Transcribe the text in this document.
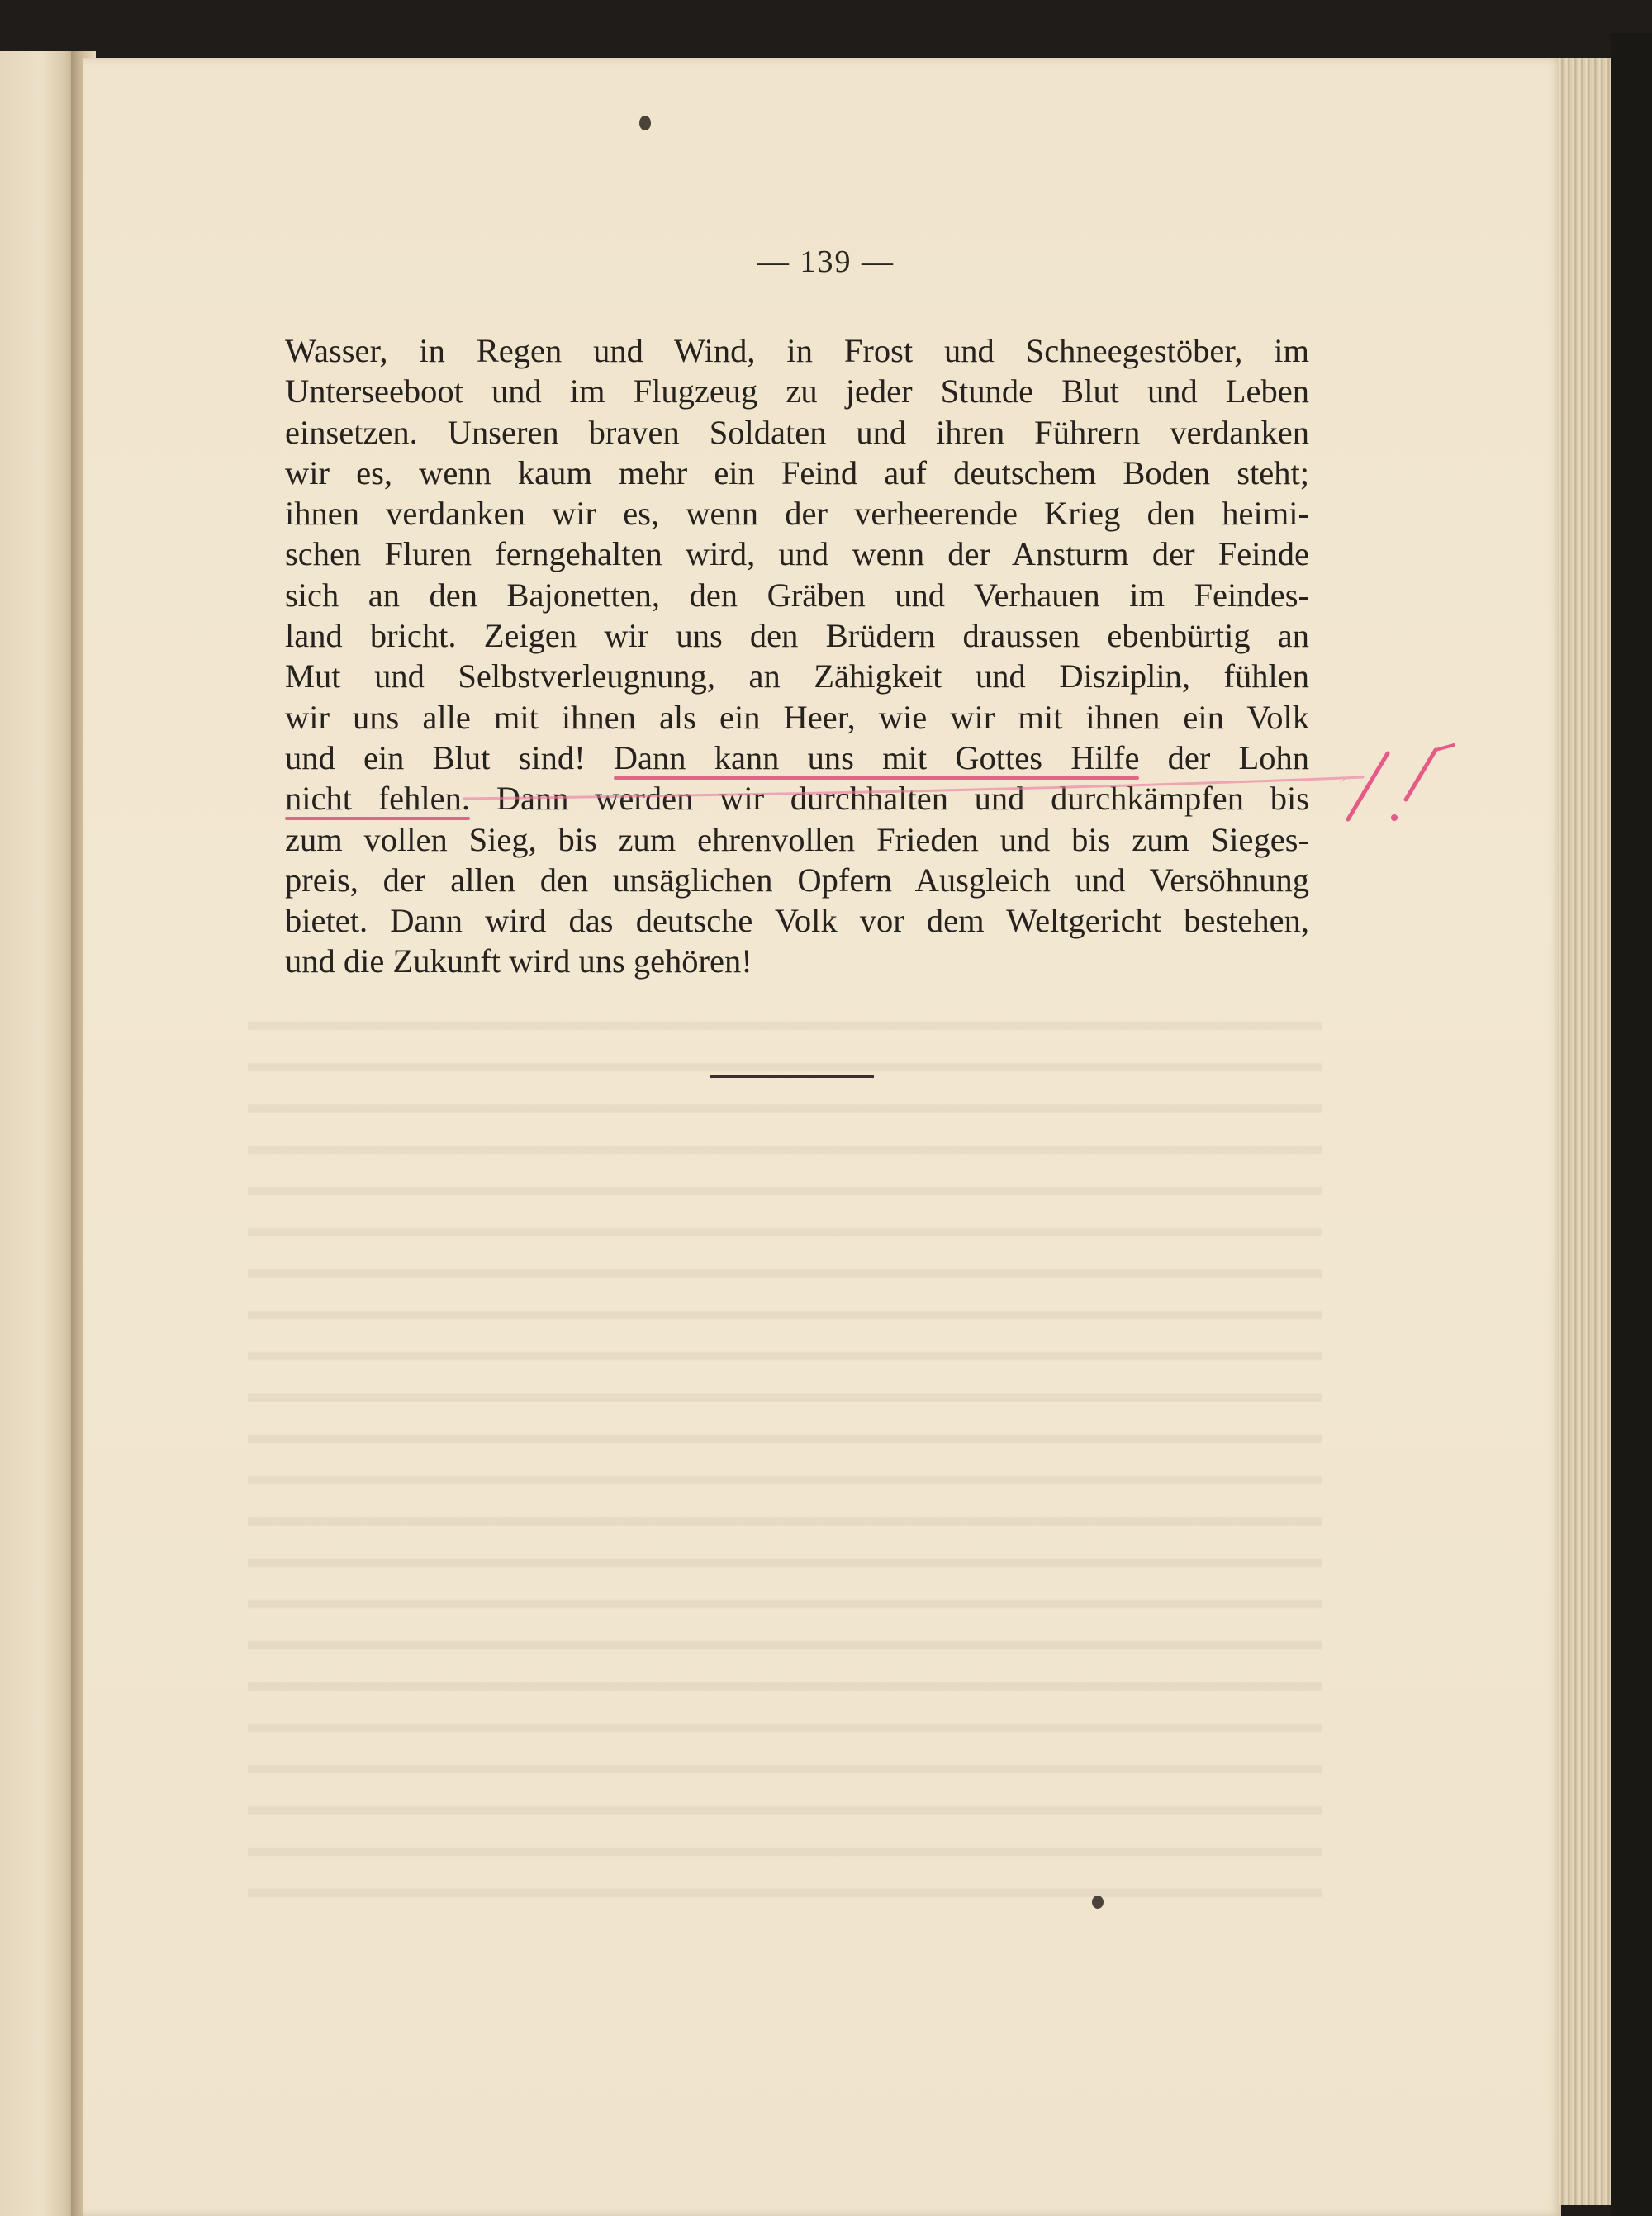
— 139 —
Wasser, in Regen und Wind, in Frost und Schneegestöber, im
Unterseeboot und im Flugzeug zu jeder Stunde Blut und Leben
einsetzen. Unseren braven Soldaten und ihren Führern verdanken
wir es, wenn kaum mehr ein Feind auf deutschem Boden steht;
ihnen verdanken wir es, wenn der verheerende Krieg den heimi-
schen Fluren ferngehalten wird, und wenn der Ansturm der Feinde
sich an den Bajonetten, den Gräben und Verhauen im Feindes-
land bricht. Zeigen wir uns den Brüdern draussen ebenbürtig an
Mut und Selbstverleugnung, an Zähigkeit und Disziplin, fühlen
wir uns alle mit ihnen als ein Heer, wie wir mit ihnen ein Volk
und ein Blut sind! Dann kann uns mit Gottes Hilfe der Lohn
nicht fehlen. Dann werden wir durchhalten und durchkämpfen bis
zum vollen Sieg, bis zum ehrenvollen Frieden und bis zum Sieges-
preis, der allen den unsäglichen Opfern Ausgleich und Versöhnung
bietet. Dann wird das deutsche Volk vor dem Weltgericht bestehen,
und die Zukunft wird uns gehören!
